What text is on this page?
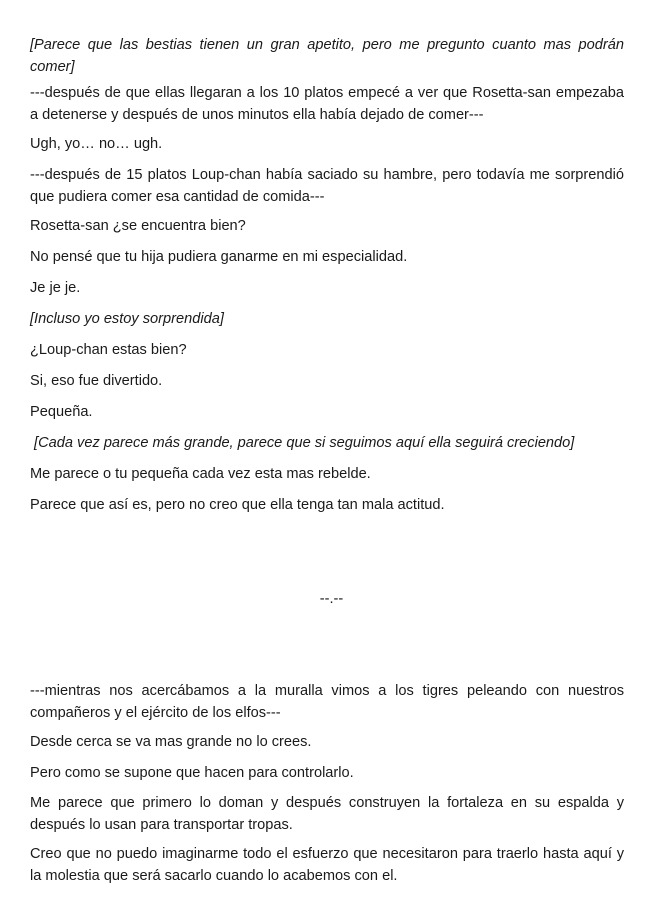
[Parece que las bestias tienen un gran apetito, pero me pregunto cuanto mas podrán comer]

---después de que ellas llegaran a los 10 platos empecé a ver que Rosetta-san empezaba a detenerse y después de unos minutos ella había dejado de comer---

Ugh, yo… no… ugh.

---después de 15 platos Loup-chan había saciado su hambre, pero todavía me sorprendió que pudiera comer esa cantidad de comida---

Rosetta-san ¿se encuentra bien?

No pensé que tu hija pudiera ganarme en mi especialidad.

Je je je.

[Incluso yo estoy sorprendida]

¿Loup-chan estas bien?

Si, eso fue divertido.

Pequeña.

[Cada vez parece más grande, parece que si seguimos aquí ella seguirá creciendo]

Me parece o tu pequeña cada vez esta mas rebelde.

Parece que así es, pero no creo que ella tenga tan mala actitud.

--.--

---mientras nos acercábamos a la muralla vimos a los tigres peleando con nuestros compañeros y el ejército de los elfos---

Desde cerca se va mas grande no lo crees.

Pero como se supone que hacen para controlarlo.

Me parece que primero lo doman y después construyen la fortaleza en su espalda y después lo usan para transportar tropas.

Creo que no puedo imaginarme todo el esfuerzo que necesitaron para traerlo hasta aquí y la molestia que será sacarlo cuando lo acabemos con el.
